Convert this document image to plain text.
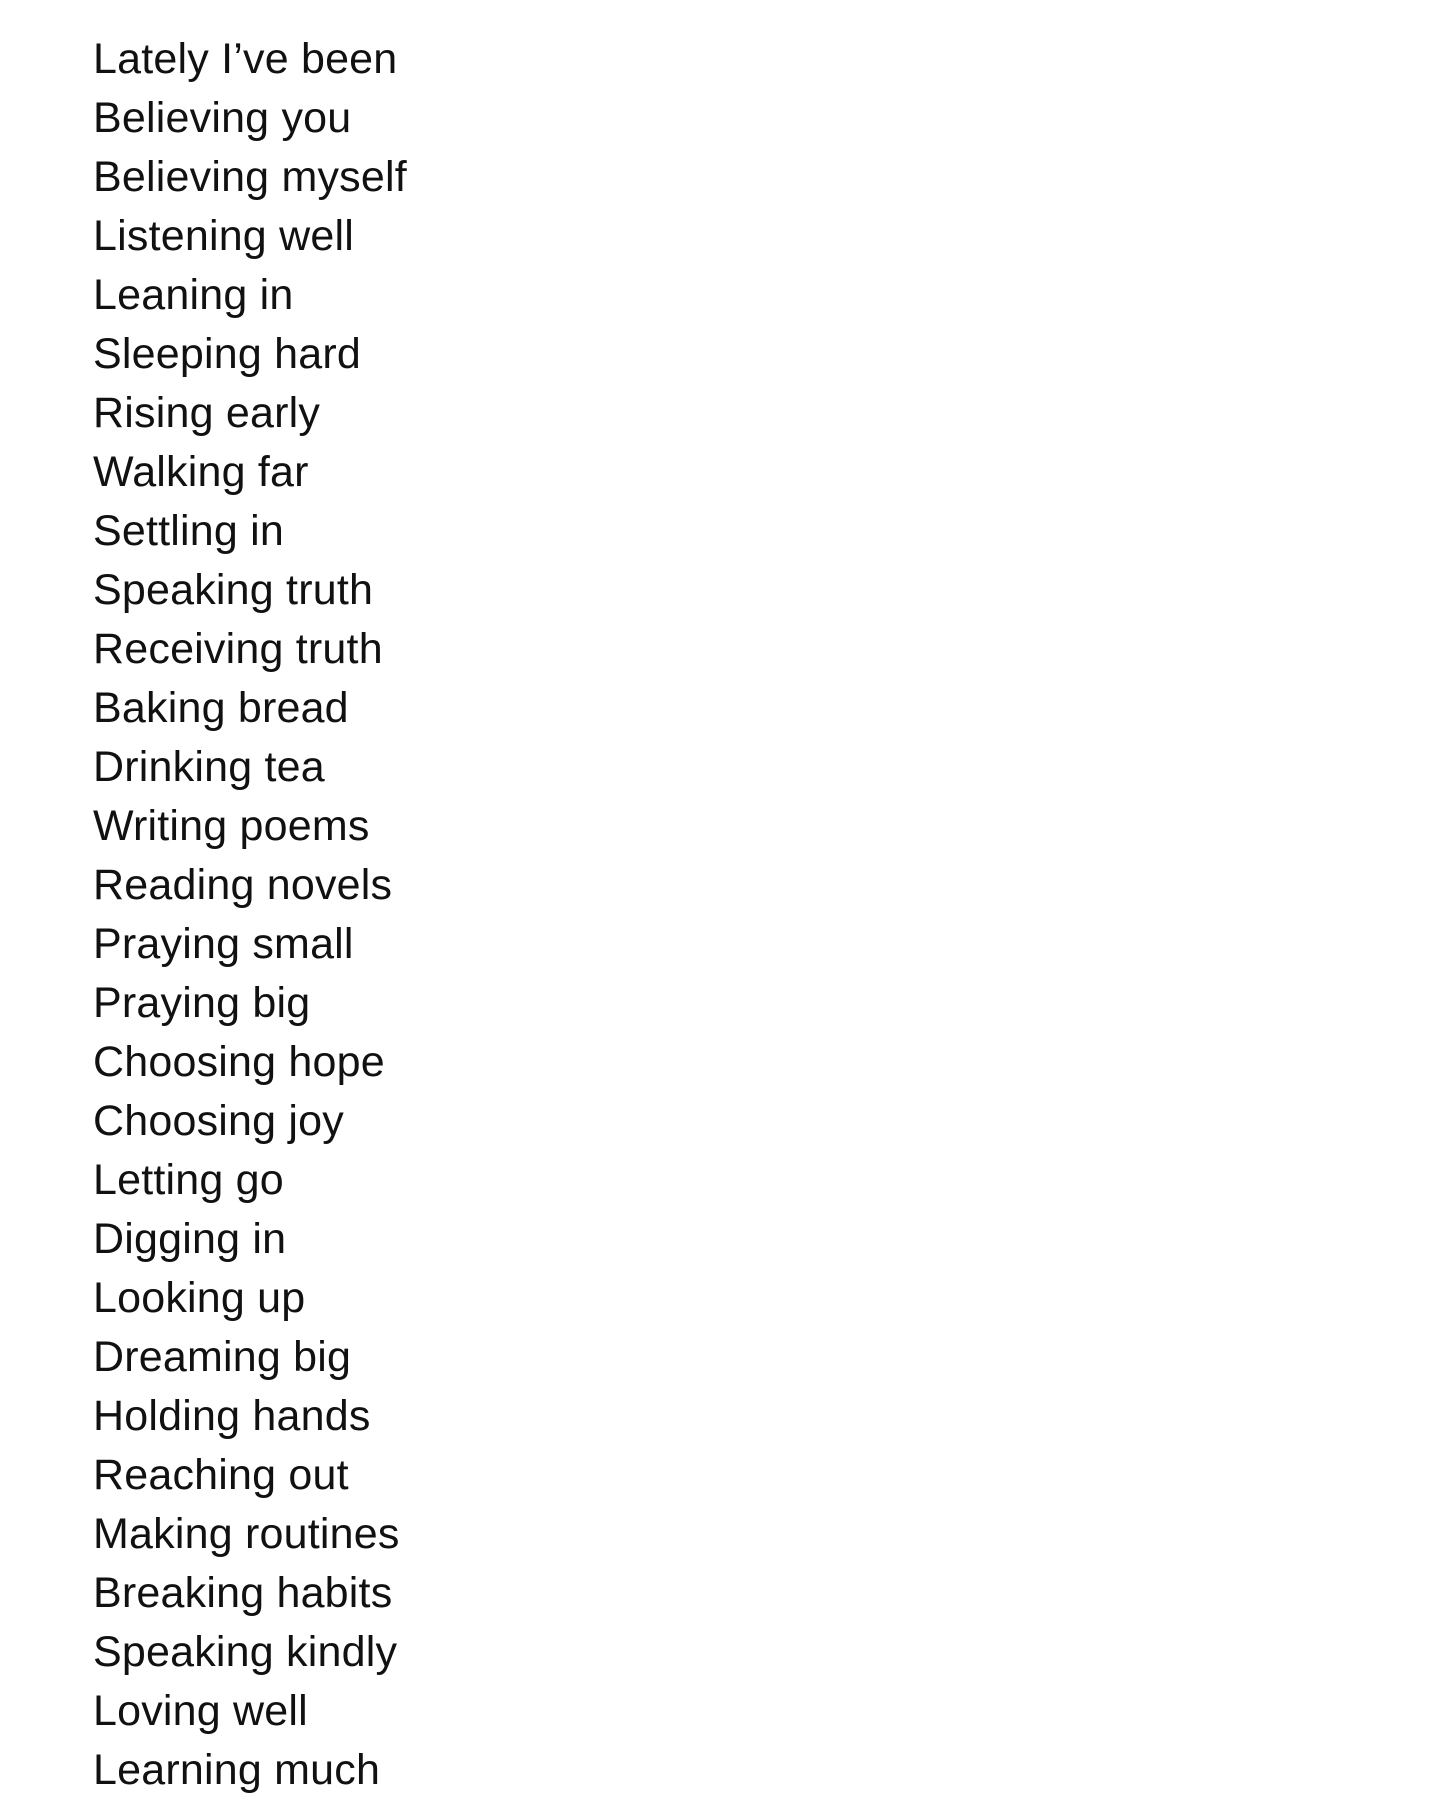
Lately I’ve been
Believing you
Believing myself
Listening well
Leaning in
Sleeping hard
Rising early
Walking far
Settling in
Speaking truth
Receiving truth
Baking bread
Drinking tea
Writing poems
Reading novels
Praying small
Praying big
Choosing hope
Choosing joy
Letting go
Digging in
Looking up
Dreaming big
Holding hands
Reaching out
Making routines
Breaking habits
Speaking kindly
Loving well
Learning much
